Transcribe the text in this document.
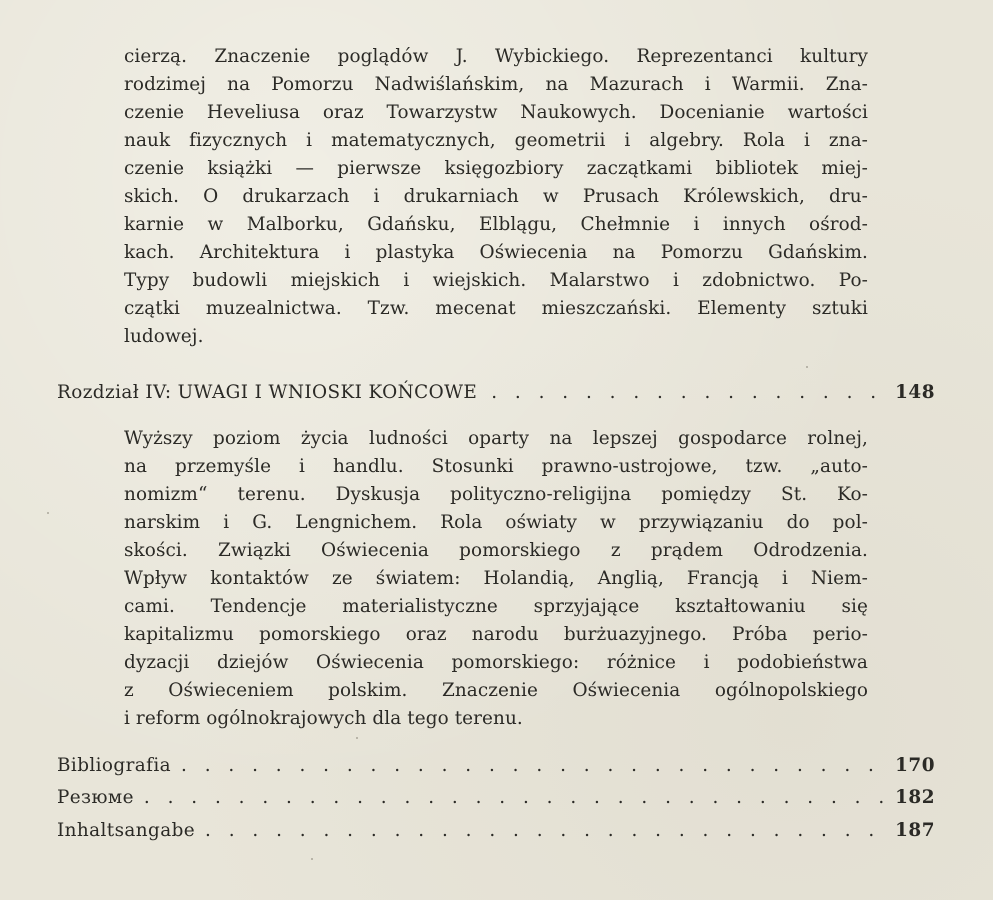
cierzą. Znaczenie poglądów J. Wybickiego. Reprezentanci kultury
rodzimej na Pomorzu Nadwiślańskim, na Mazurach i Warmii. Zna-
czenie Heveliusa oraz Towarzystw Naukowych. Docenianie wartości
nauk fizycznych i matematycznych, geometrii i algebry. Rola i zna-
czenie książki — pierwsze księgozbiory zaczątkami bibliotek miej-
skich. O drukarzach i drukarniach w Prusach Królewskich, dru-
karnie w Malborku, Gdańsku, Elblągu, Chełmnie i innych ośrod-
kach. Architektura i plastyka Oświecenia na Pomorzu Gdańskim.
Typy budowli miejskich i wiejskich. Malarstwo i zdobnictwo. Po-
czątki muzealnictwa. Tzw. mecenat mieszczański. Elementy sztuki
ludowej.
Rozdział IV: UWAGI I WNIOSKI KOŃCOWE . . .	148
Wyższy poziom życia ludności oparty na lepszej gospodarce rolnej,
na przemyśle i handlu. Stosunki prawno-ustrojowe, tzw. „auto-
nomizm“ terenu. Dyskusja polityczno-religijna pomiędzy St. Ko-
narskim i G. Lengnichem. Rola oświaty w przywiązaniu do pol-
skości. Związki Oświecenia pomorskiego z prądem Odrodzenia.
Wpływ kontaktów ze światem: Holandią, Anglią, Francją i Niem-
cami. Tendencje materialistyczne sprzyjające kształtowaniu się
kapitalizmu pomorskiego oraz narodu burżuazyjnego. Próba perio-
dyzacji dziejów Oświecenia pomorskiego: różnice i podobieństwa
z Oświeceniem polskim. Znaczenie Oświecenia ogólnopolskiego
i reform ogólnokrajowych dla tego terenu.
Bibliografia . . .	170
Резюме . . .	182
Inhaltsangabe . . .	187
